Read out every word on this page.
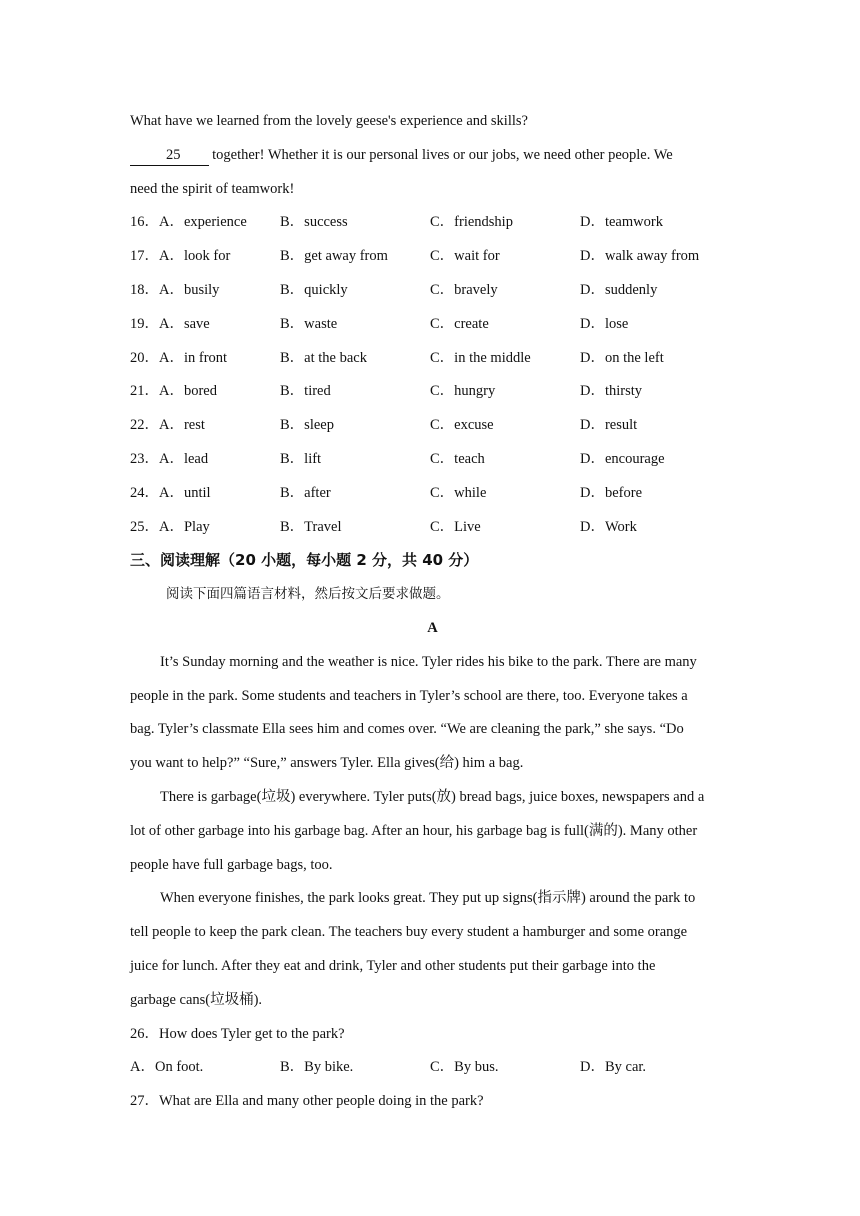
What have we learned from the lovely geese's experience and skills?
25 together! Whether it is our personal lives or our jobs, we need other people. We
need the spirit of teamwork!
16．A．experience B．success	C．friendship	D．teamwork
17．A．look for	B．get away from	C．wait for	D．walk away from
18．A．busily	B．quickly	C．bravely	D．suddenly
19．A．save	B．waste	C．create	D．lose
20．A．in front	B．at the back	C．in the middle	D．on the left
21．A．bored	B．tired	C．hungry	D．thirsty
22．A．rest	B．sleep	C．excuse	D．result
23．A．lead	B．lift	C．teach	D．encourage
24．A．until	B．after	C．while	D．before
25．A．Play	B．Travel	C．Live	D．Work
三、阅读理解（20 小题，每小题 2 分，共 40 分）
阅读下面四篇语言材料，然后按文后要求做题。
A
It’s Sunday morning and the weather is nice. Tyler rides his bike to the park. There are many
people in the park. Some students and teachers in Tyler’s school are there, too. Everyone takes a
bag. Tyler’s classmate Ella sees him and comes over. “We are cleaning the park,” she says. “Do
you want to help?” “Sure,” answers Tyler. Ella gives(给) him a bag.
There is garbage(垃圾) everywhere. Tyler puts(放) bread bags, juice boxes, newspapers and a
lot of other garbage into his garbage bag. After an hour, his garbage bag is full(满的). Many other
people have full garbage bags, too.
When everyone finishes, the park looks great. They put up signs(指示牌) around the park to
tell people to keep the park clean. The teachers buy every student a hamburger and some orange
juice for lunch. After they eat and drink, Tyler and other students put their garbage into the
garbage cans(垃圾桶).
26．How does Tyler get to the park?
A．On foot.	B．By bike.	C．By bus.	D．By car.
27．What are Ella and many other people doing in the park?
